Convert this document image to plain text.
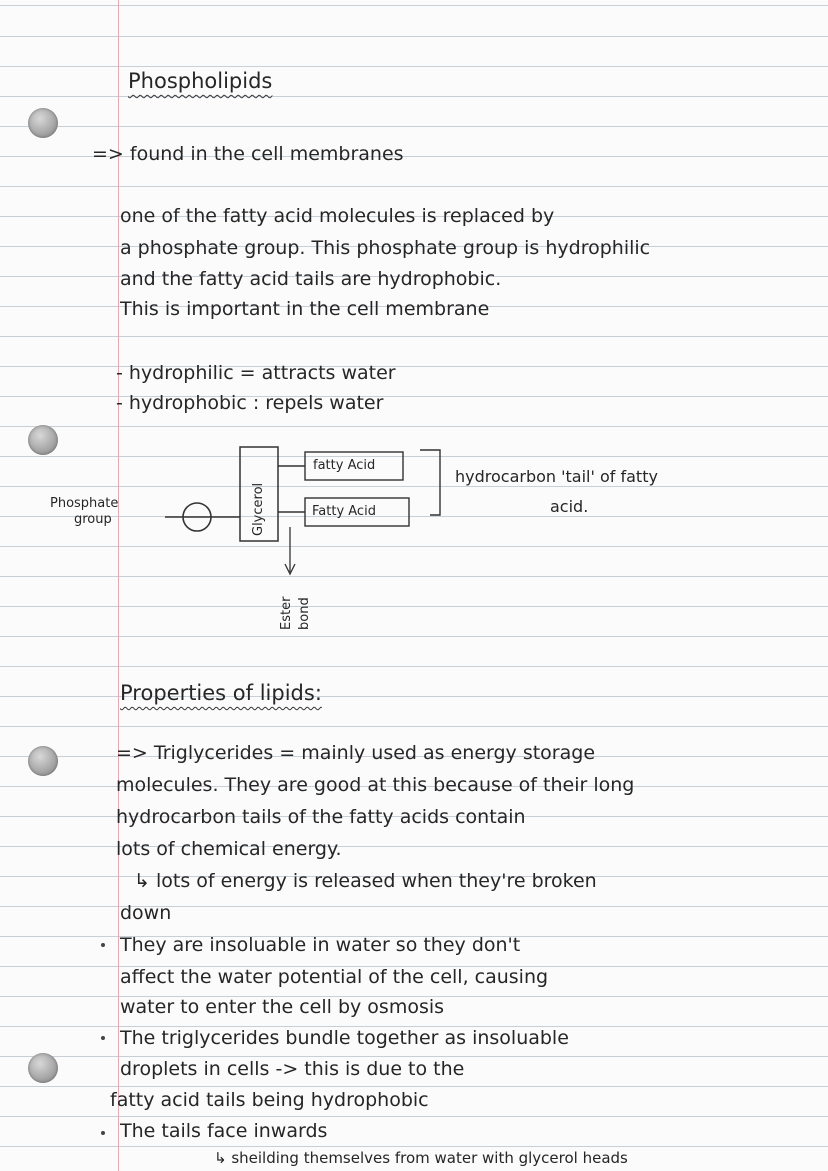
Phospholipids
=> found in the cell membranes
one of the fatty acid molecules is replaced by
a phosphate group. This phosphate group is hydrophilic
and the fatty acid tails are hydrophobic.
This is important in the cell membrane
- hydrophilic = attracts water
- hydrophobic : repels water
Phosphate
group	Glycerol
fatty Acid
Fatty Acid
hydrocarbon 'tail' of fatty
acid.
Ester bond
Properties of lipids:
=> Triglycerides = mainly used as energy storage
molecules. They are good at this because of their long
hydrocarbon tails of the fatty acids contain
lots of chemical energy.
↳ lots of energy is released when they're broken
down
They are insoluable in water so they don't
affect the water potential of the cell, causing
water to enter the cell by osmosis
The triglycerides bundle together as insoluable
droplets in cells -> this is due to the
fatty acid tails being hydrophobic
The tails face inwards
↳ sheilding themselves from water with glycerol heads
